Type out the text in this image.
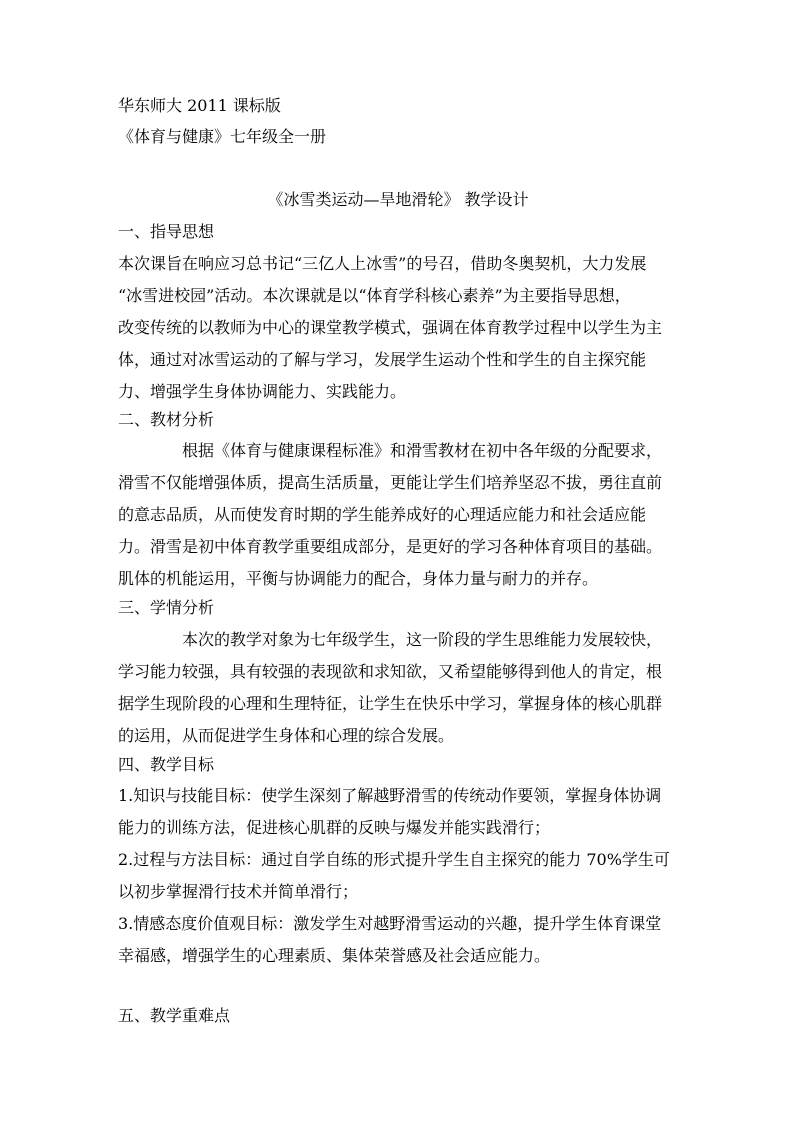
华东师大 2011 课标版
《体育与健康》七年级全一册
《冰雪类运动—旱地滑轮》 教学设计
一、指导思想
本次课旨在响应习总书记“三亿人上冰雪”的号召，借助冬奥契机，大力发展
“冰雪进校园”活动。本次课就是以“体育学科核心素养”为主要指导思想，
改变传统的以教师为中心的课堂教学模式，强调在体育教学过程中以学生为主
体，通过对冰雪运动的了解与学习，发展学生运动个性和学生的自主探究能
力、增强学生身体协调能力、实践能力。
二、教材分析
根据《体育与健康课程标准》和滑雪教材在初中各年级的分配要求，
滑雪不仅能增强体质，提高生活质量，更能让学生们培养坚忍不拔，勇往直前
的意志品质，从而使发育时期的学生能养成好的心理适应能力和社会适应能
力。滑雪是初中体育教学重要组成部分，是更好的学习各种体育项目的基础。
肌体的机能运用，平衡与协调能力的配合，身体力量与耐力的并存。
三、学情分析
本次的教学对象为七年级学生，这一阶段的学生思维能力发展较快，
学习能力较强，具有较强的表现欲和求知欲，又希望能够得到他人的肯定，根
据学生现阶段的心理和生理特征，让学生在快乐中学习，掌握身体的核心肌群
的运用，从而促进学生身体和心理的综合发展。
四、教学目标
1.知识与技能目标：使学生深刻了解越野滑雪的传统动作要领，掌握身体协调
能力的训练方法，促进核心肌群的反映与爆发并能实践滑行；
2.过程与方法目标：通过自学自练的形式提升学生自主探究的能力 70%学生可
以初步掌握滑行技术并简单滑行；
3.情感态度价值观目标：激发学生对越野滑雪运动的兴趣，提升学生体育课堂
幸福感，增强学生的心理素质、集体荣誉感及社会适应能力。
五、教学重难点
